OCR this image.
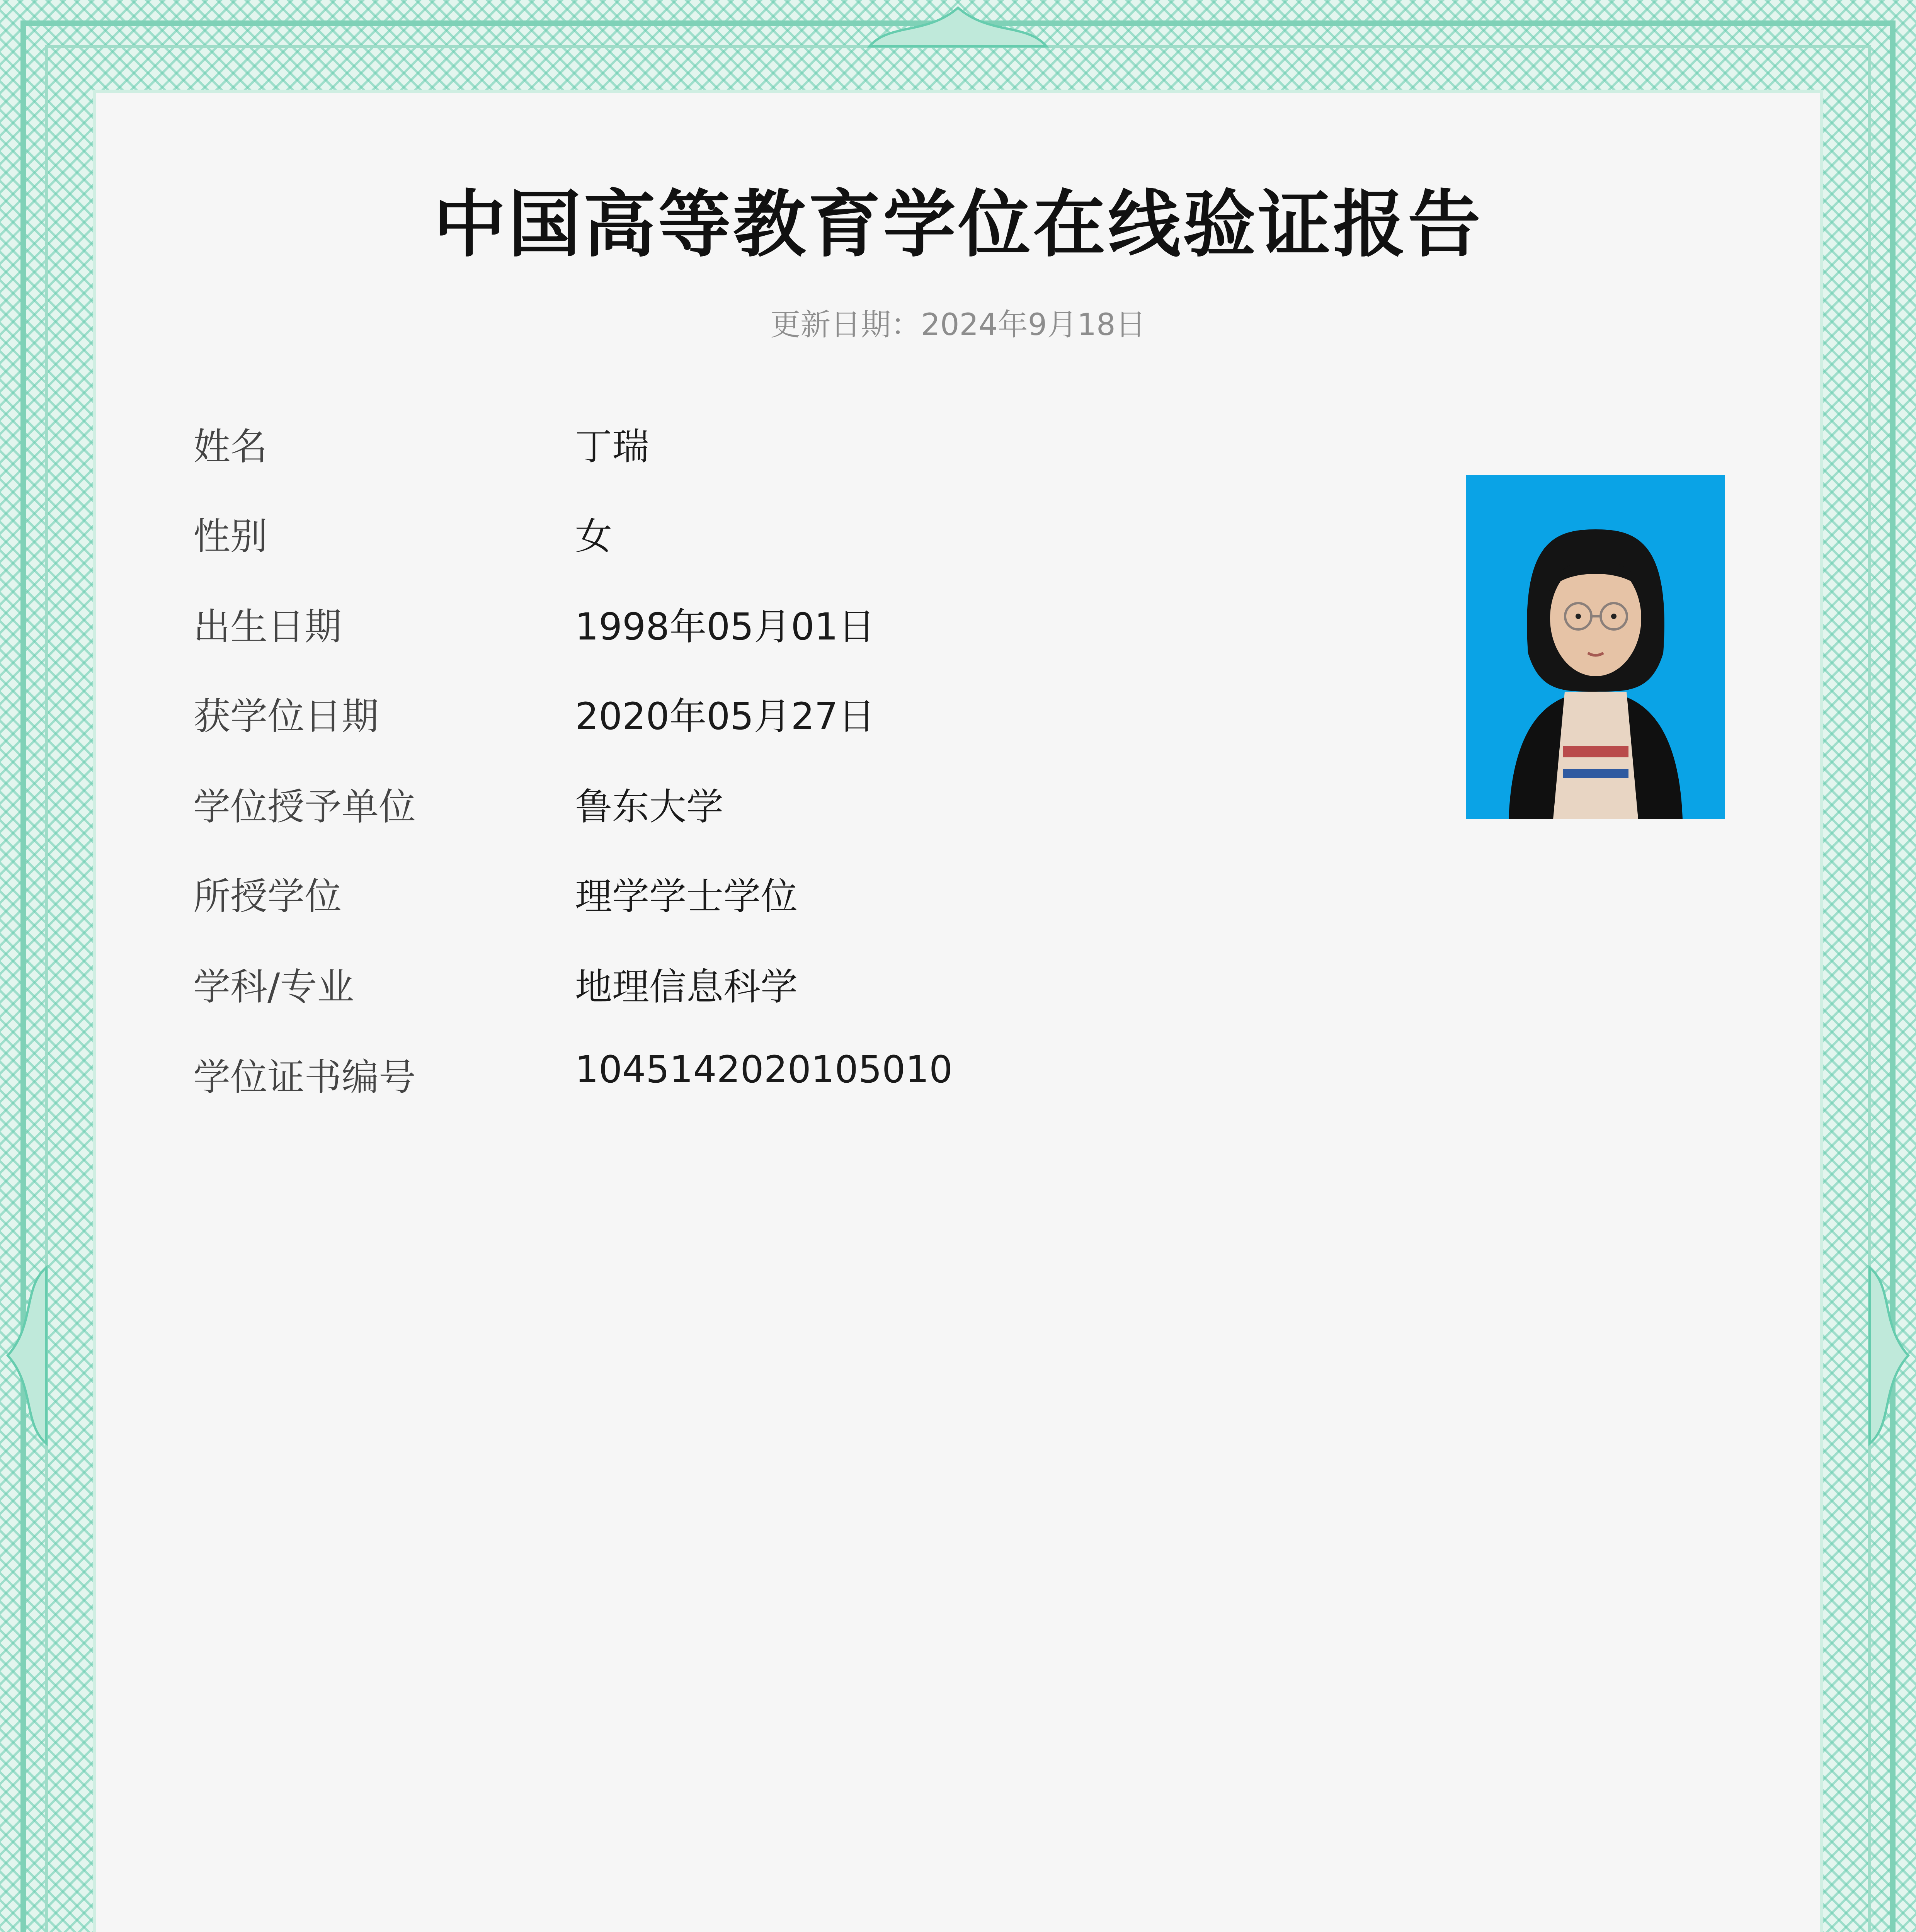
中国高等教育学位在线验证报告
更新日期：2024年9月18日
姓名	丁瑞
性别	女
出生日期	1998年05月01日
获学位日期	2020年05月27日
学位授予单位	鲁东大学
所授学位	理学学士学位
学科/专业	地理信息科学
学位证书编号	1045142020105010
